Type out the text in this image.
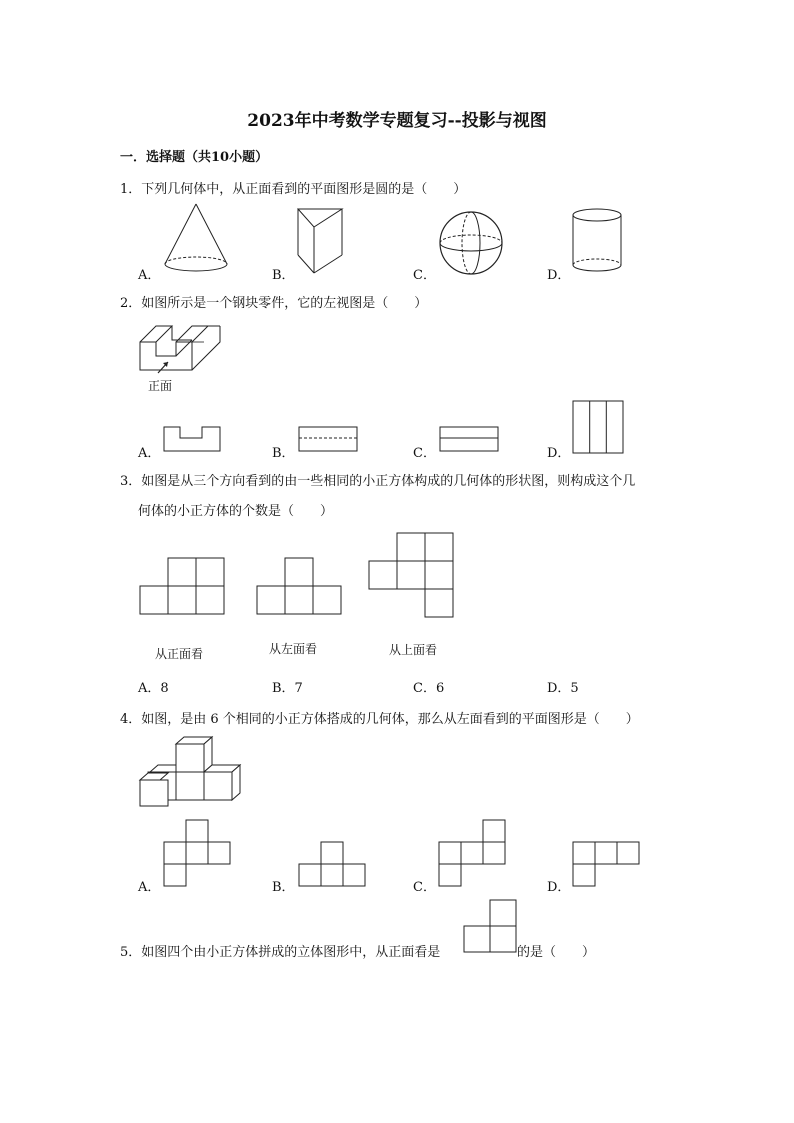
2023年中考数学专题复习--投影与视图
一．选择题（共10小题）
1．下列几何体中，从正面看到的平面图形是圆的是（　　）
A．	B．	C．	D．
2．如图所示是一个钢块零件，它的左视图是（　　）
正面
A．	B．	C．	D．
3．如图是从三个方向看到的由一些相同的小正方体构成的几何体的形状图，则构成这个几
何体的小正方体的个数是（　　）
从正面看	从左面看	从上面看
A．8	B．7	C．6	D．5
4．如图，是由 6 个相同的小正方体搭成的几何体，那么从左面看到的平面图形是（　　）
A．	B．	C．	D．
5．如图四个由小正方体拼成的立体图形中，从正面看是	的是（　　）
